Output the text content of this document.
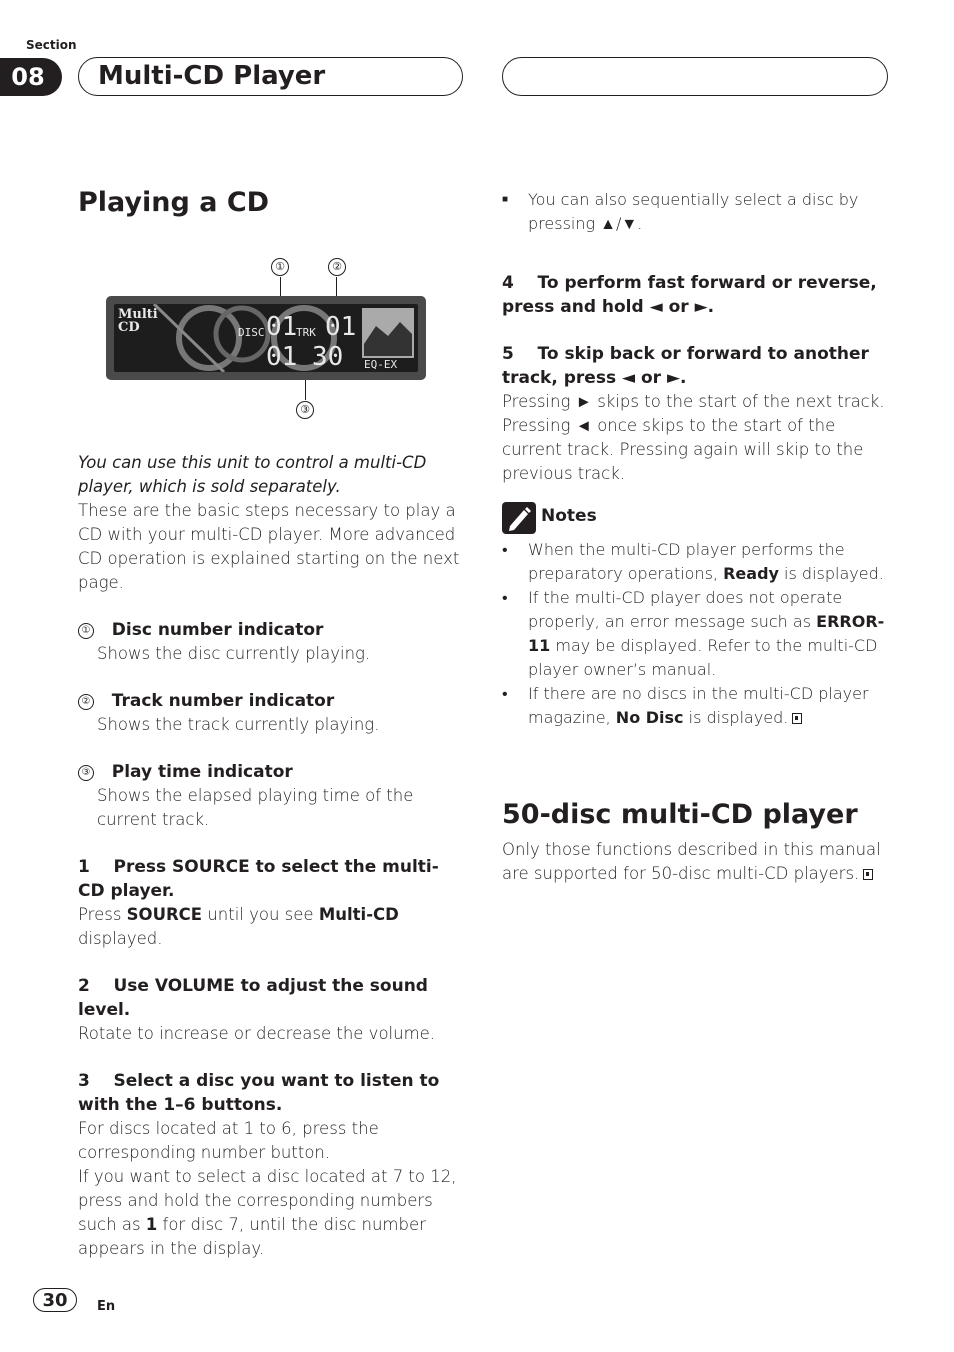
Section
08	Multi-CD Player
Playing a CD
①	②
③
Multi CD	DISC 01
TRK 01
01 30 EQ-EX

You can use this unit to control a multi-CD player, which is sold separately.

These are the basic steps necessary to play a CD with your multi-CD player. More advanced CD operation is explained starting on the next page.

① Disc number indicator

Shows the disc currently playing.

② Track number indicator

Shows the track currently playing.

③ Play time indicator

Shows the elapsed playing time of the current track.

1    Press SOURCE to select the multi-CD player.

Press SOURCE until you see Multi-CD displayed.

2    Use VOLUME to adjust the sound level.

Rotate to increase or decrease the volume.

3    Select a disc you want to listen to with the 1–6 buttons.

For discs located at 1 to 6, press the corresponding number button.

If you want to select a disc located at 7 to 12, press and hold the corresponding numbers such as 1 for disc 7, until the disc number appears in the display.

■ You can also sequentially select a disc by pressing ▲/▼.

4    To perform fast forward or reverse, press and hold ◄ or ►.

5    To skip back or forward to another track, press ◄ or ►.

Pressing ► skips to the start of the next track. Pressing ◄ once skips to the start of the current track. Pressing again will skip to the previous track.

Notes
• When the multi-CD player performs the preparatory operations, Ready is displayed.
• If the multi-CD player does not operate properly, an error message such as ERROR-11 may be displayed. Refer to the multi-CD player owner’s manual.
• If there are no discs in the multi-CD player magazine, No Disc is displayed.
50-disc multi-CD player

Only those functions described in this manual are supported for 50-disc multi-CD players.

30	En
